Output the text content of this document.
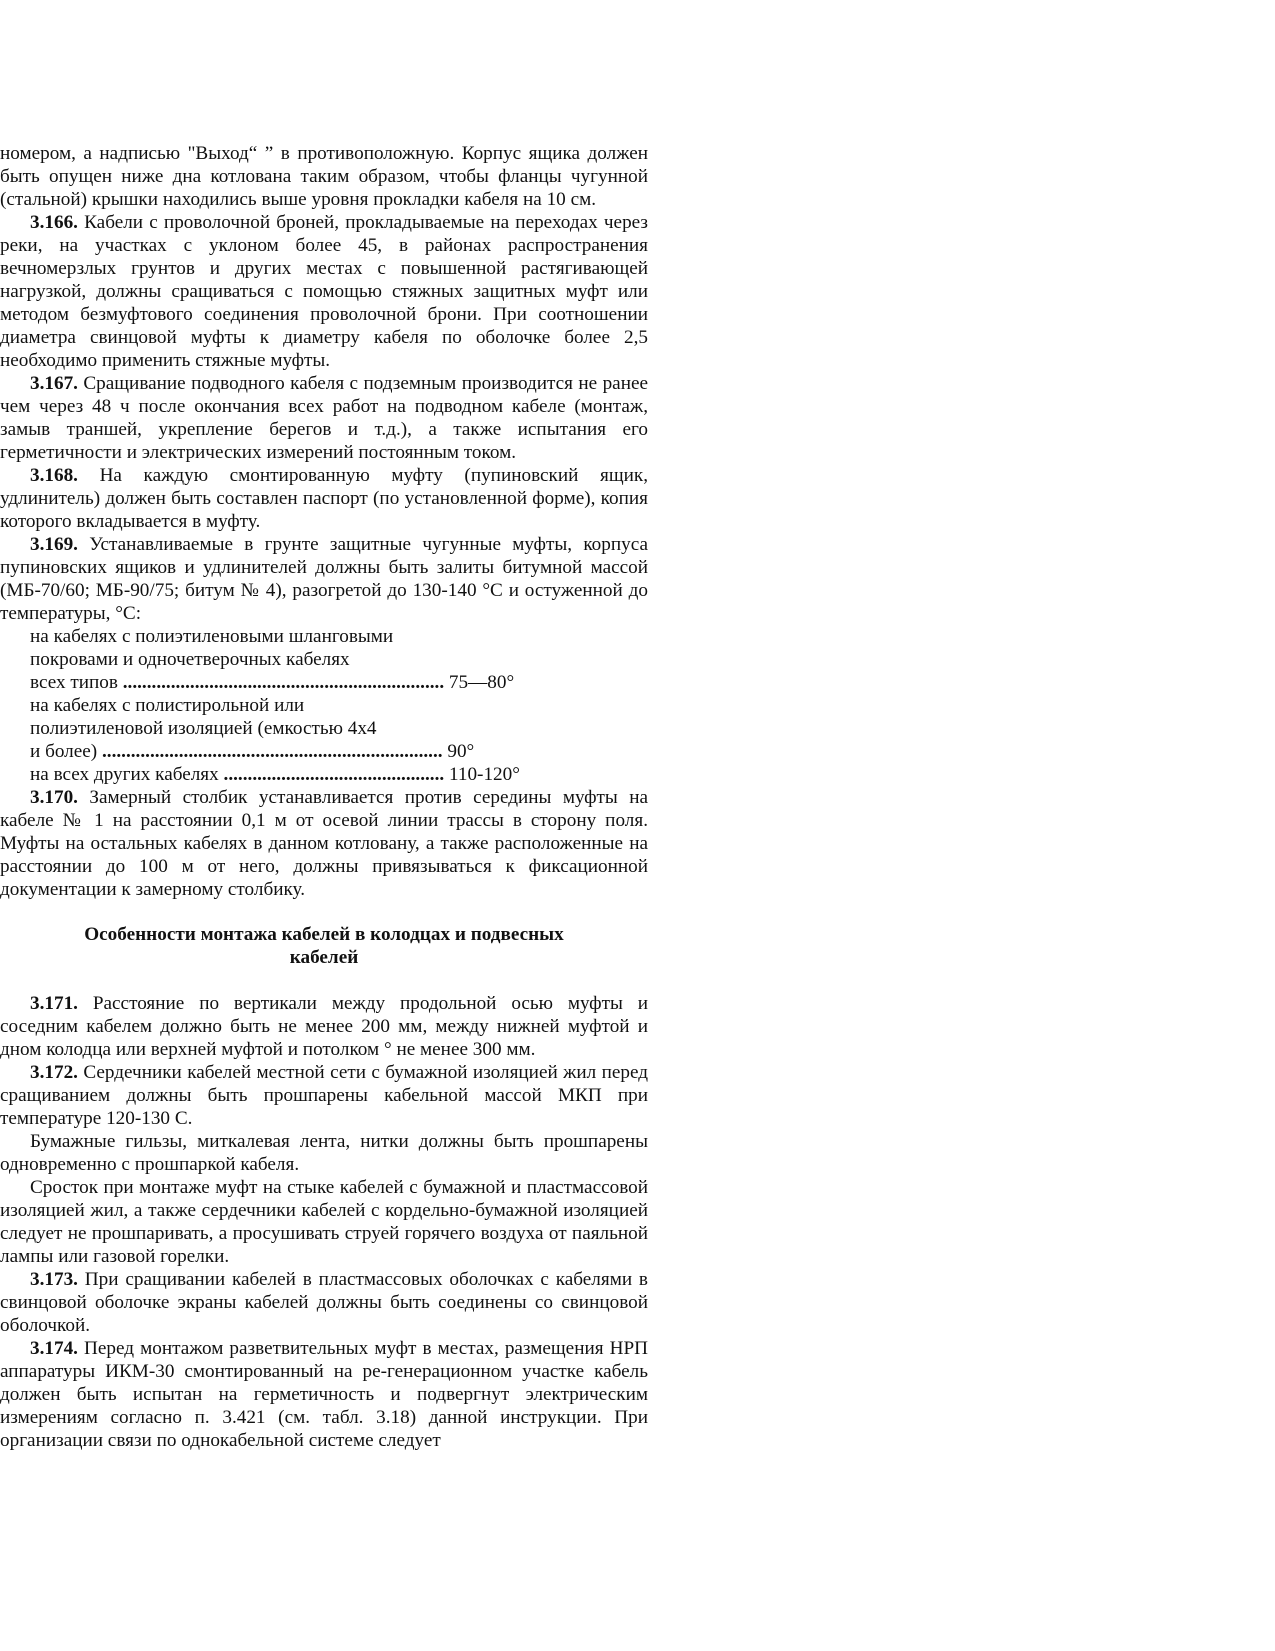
номером, а надписью "Выход“ ” в противоположную. Корпус ящика должен быть опущен ниже дна котлована таким образом, чтобы фланцы чугунной (стальной) крышки находились выше уровня прокладки кабеля на 10 см.

3.166. Кабели с проволочной броней, прокладываемые на переходах через реки, на участках с уклоном более 45, в районах распространения вечномерзлых грунтов и других местах с повышенной растягивающей нагрузкой, должны сращиваться с помощью стяжных защитных муфт или методом безмуфтового соединения проволочной брони. При соотношении диаметра свинцовой муфты к диаметру кабеля по оболочке более 2,5 необходимо применить стяжные муфты.

3.167. Сращивание подводного кабеля с подземным производится не ранее чем через 48 ч после окончания всех работ на подводном кабеле (монтаж, замыв траншей, укрепление берегов и т.д.), а также испытания его герметичности и электрических измерений постоянным током.

3.168. На каждую смонтированную муфту (пупиновский ящик, удлинитель) должен быть составлен паспорт (по установленной форме), копия которого вкладывается в муфту.

3.169. Устанавливаемые в грунте защитные чугунные муфты, корпуса пупиновских ящиков и удлинителей должны быть залиты битумной массой (МБ-70/60; МБ-90/75; битум № 4), разогретой до 130-140 °С и остуженной до температуры, °С:

на кабелях с полиэтиленовыми шланговыми
покровами и одночетверочных кабелях
всех типов ................................................................... 75—80°
на кабелях с полистирольной или
полиэтиленовой изоляцией (емкостью 4х4
и более) ....................................................................... 90°
на всех других кабелях .............................................. 110-120°

3.170. Замерный столбик устанавливается против середины муфты на кабеле № 1 на расстоянии 0,1 м от осевой линии трассы в сторону поля. Муфты на остальных кабелях в данном котловану, а также расположенные на расстоянии до 100 м от него, должны привязываться к фиксационной документации к замерному столбику.

Особенности монтажа кабелей в колодцах и подвесных
кабелей

3.171. Расстояние по вертикали между продольной осью муфты и соседним кабелем должно быть не менее 200 мм, между нижней муфтой и дном колодца или верхней муфтой и потолком ° не менее 300 мм.

3.172. Сердечники кабелей местной сети с бумажной изоляцией жил перед сращиванием должны быть прошпарены кабельной массой МКП при температуре 120-130 С.

Бумажные гильзы, миткалевая лента, нитки должны быть прошпарены одновременно с прошпаркой кабеля.

Сросток при монтаже муфт на стыке кабелей с бумажной и пластмассовой изоляцией жил, а также сердечники кабелей с кордельно-бумажной изоляцией следует не прошпаривать, а просушивать струей горячего воздуха от паяльной лампы или газовой горелки.

3.173. При сращивании кабелей в пластмассовых оболочках с кабелями в свинцовой оболочке экраны кабелей должны быть соединены со свинцовой оболочкой.

3.174. Перед монтажом разветвительных муфт в местах, размещения НРП аппаратуры ИКМ-30 смонтированный на ре-генерационном участке кабель должен быть испытан на герметичность и подвергнут электрическим измерениям согласно п. 3.421 (см. табл. 3.18) данной инструкции. При организации связи по однокабельной системе следует
